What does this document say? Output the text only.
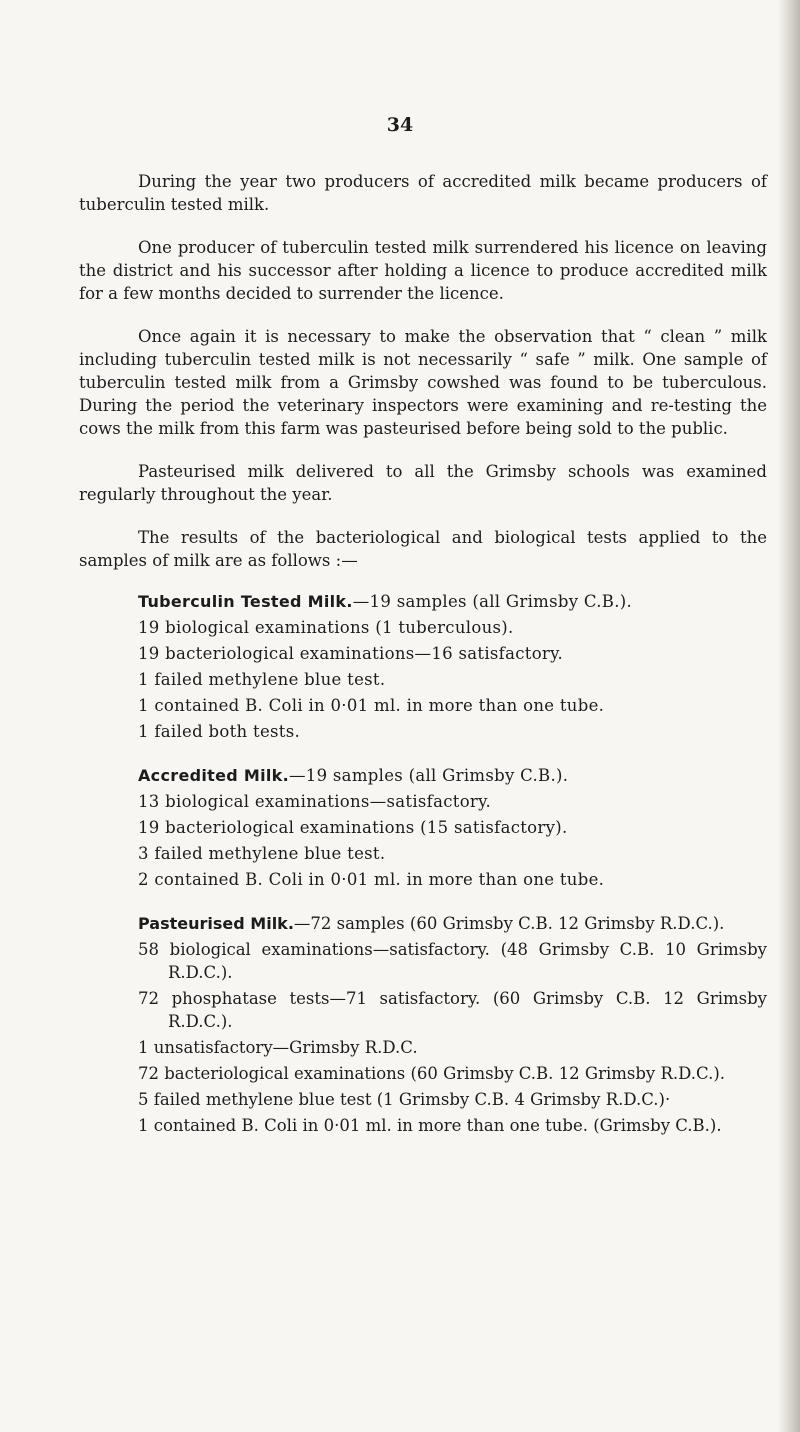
34

During the year two producers of accredited milk became producers of tuberculin tested milk.

One producer of tuberculin tested milk surrendered his licence on leaving the district and his successor after holding a licence to produce accredited milk for a few months decided to surrender the licence.

Once again it is necessary to make the observation that “ clean ” milk including tuberculin tested milk is not necessarily “ safe ” milk. One sample of tuberculin tested milk from a Grimsby cowshed was found to be tuberculous. During the period the veterinary inspectors were examining and re-testing the cows the milk from this farm was pasteurised before being sold to the public.

Pasteurised milk delivered to all the Grimsby schools was examined regularly throughout the year.

The results of the bacteriological and biological tests applied to the samples of milk are as follows :—

Tuberculin Tested Milk.—19 samples (all Grimsby C.B.).
19 biological examinations (1 tuberculous).
19 bacteriological examinations—16 satisfactory.
1 failed methylene blue test.
1 contained B. Coli in 0·01 ml. in more than one tube.
1 failed both tests.
Accredited Milk.—19 samples (all Grimsby C.B.).
13 biological examinations—satisfactory.
19 bacteriological examinations (15 satisfactory).
3 failed methylene blue test.
2 contained B. Coli in 0·01 ml. in more than one tube.
Pasteurised Milk.—72 samples (60 Grimsby C.B. 12 Grimsby R.D.C.).
58 biological examinations—satisfactory. (48 Grimsby C.B. 10 Grimsby R.D.C.).
72 phosphatase tests—71 satisfactory. (60 Grimsby C.B. 12 Grimsby R.D.C.).
1 unsatisfactory—Grimsby R.D.C.
72 bacteriological examinations (60 Grimsby C.B. 12 Grimsby R.D.C.).
5 failed methylene blue test (1 Grimsby C.B. 4 Grimsby R.D.C.)·
1 contained B. Coli in 0·01 ml. in more than one tube. (Grimsby C.B.).
